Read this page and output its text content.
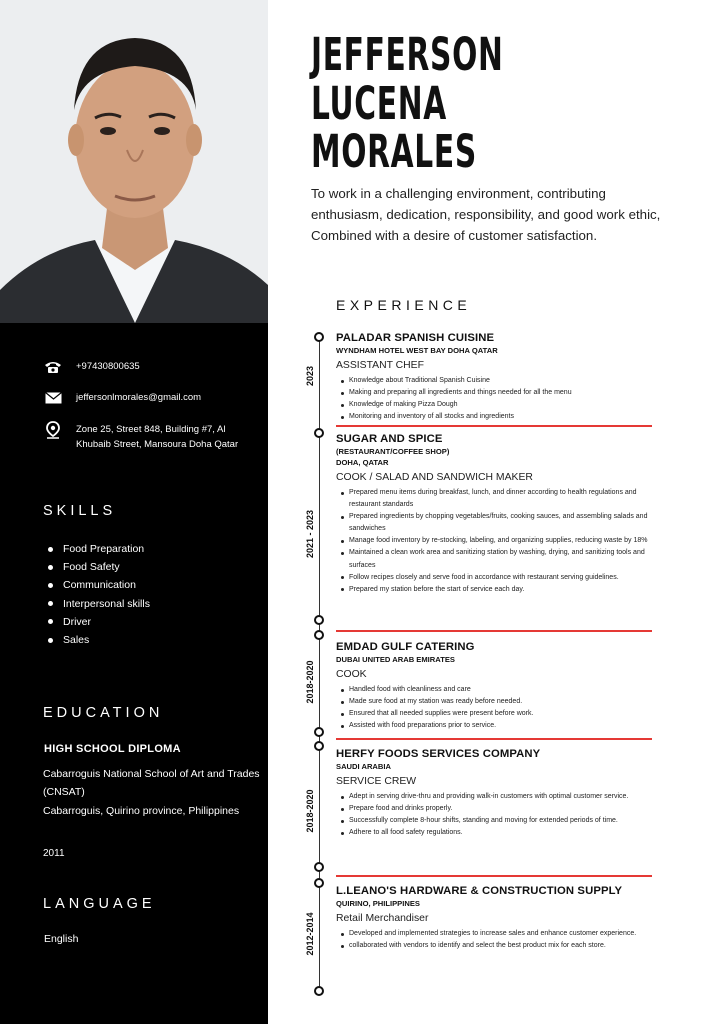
+97430800635
jeffersonlmorales@gmail.com
Zone 25, Street 848, Building #7, Al Khubaib Street, Mansoura Doha Qatar
SKILLS
Food Preparation
Food Safety
Communication
Interpersonal skills
Driver
Sales
EDUCATION
HIGH SCHOOL DIPLOMA
Cabarroguis National School of Art and Trades (CNSAT)
Cabarroguis, Quirino province, Philippines
2011
LANGUAGE
English
JEFFERSON
LUCENA
MORALES
To work in a challenging environment, contributing enthusiasm, dedication, responsibility, and good work ethic, Combined with a desire of customer satisfaction.
EXPERIENCE
2023
2021 - 2023
2018-2020
2018-2020
2012-2014
PALADAR SPANISH CUISINE
WYNDHAM HOTEL WEST BAY DOHA QATAR
ASSISTANT CHEF
Knowledge about Traditional Spanish Cuisine
Making and preparing all ingredients and things needed for all the menu
Knowledge of making Pizza Dough
Monitoring and inventory of all stocks and ingredients
SUGAR AND SPICE
(RESTAURANT/COFFEE SHOP)
DOHA, QATAR
COOK / SALAD AND SANDWICH MAKER
Prepared menu items during breakfast, lunch, and dinner according to health regulations and restaurant standards
Prepared ingredients by chopping vegetables/fruits, cooking sauces, and assembling salads and sandwiches
Manage food inventory by re-stocking, labeling, and organizing supplies, reducing waste by 18%
Maintained a clean work area and sanitizing station by washing, drying, and sanitizing tools and surfaces
Follow recipes closely and serve food in accordance with restaurant serving guidelines.
Prepared my station before the start of service each day.
EMDAD GULF CATERING
DUBAI UNITED ARAB EMIRATES
COOK
Handled food with cleanliness and care
Made sure food at my station was ready before needed.
Ensured that all needed supplies were present before work.
Assisted with food preparations prior to service.
HERFY FOODS SERVICES COMPANY
SAUDI ARABIA
SERVICE CREW
Adept in serving drive-thru and providing walk-in customers with optimal customer service.
Prepare food and drinks properly.
Successfully complete 8-hour shifts, standing and moving for extended periods of time.
Adhere to all food safety regulations.
L.LEANO'S HARDWARE & CONSTRUCTION SUPPLY
QUIRINO, PHILIPPINES
Retail Merchandiser
Developed and implemented strategies to increase sales and enhance customer experience.
collaborated with vendors to identify and select the best product mix for each store.
